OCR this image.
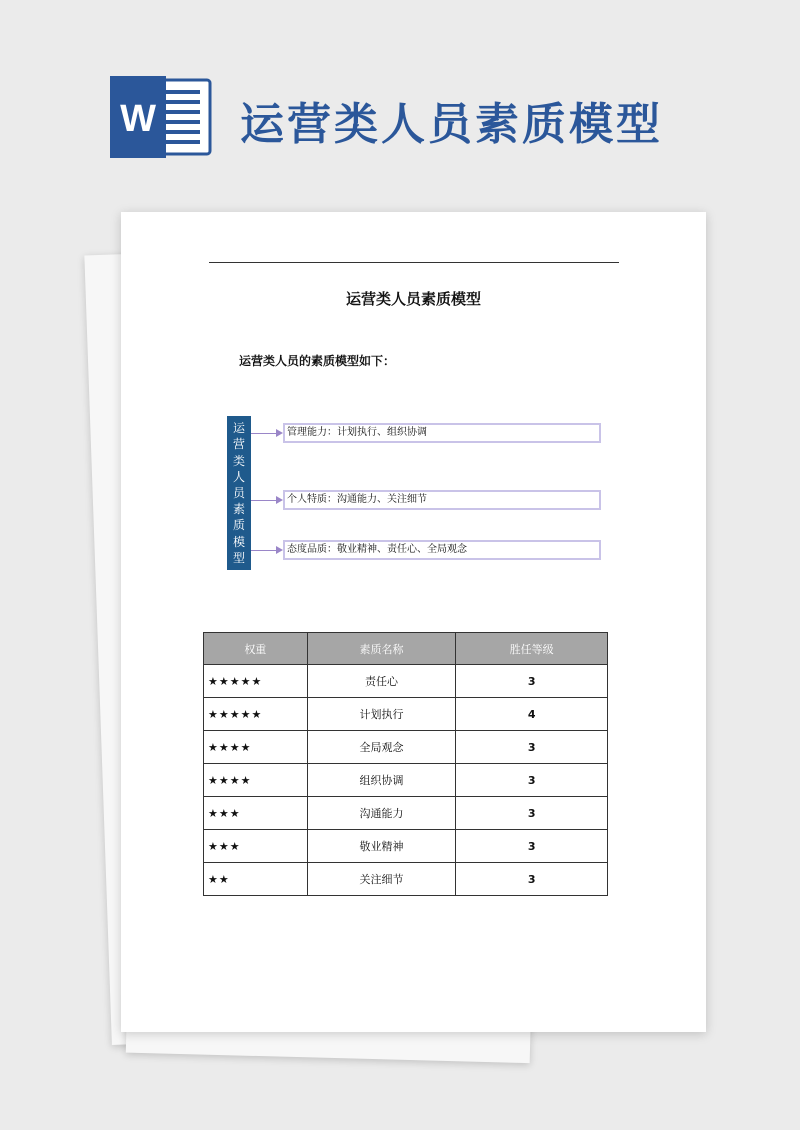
W 运营类人员素质模型
运营类人员素质模型
运营类人员的素质模型如下：
运
营
类
人
员
素
质
模
型
管理能力：计划执行、组织协调
个人特质：沟通能力、关注细节
态度品质：敬业精神、责任心、全局观念
权重	素质名称	胜任等级
★★★★★	责任心	3
★★★★★	计划执行	4
★★★★	全局观念	3
★★★★	组织协调	3
★★★	沟通能力	3
★★★	敬业精神	3
★★	关注细节	3
